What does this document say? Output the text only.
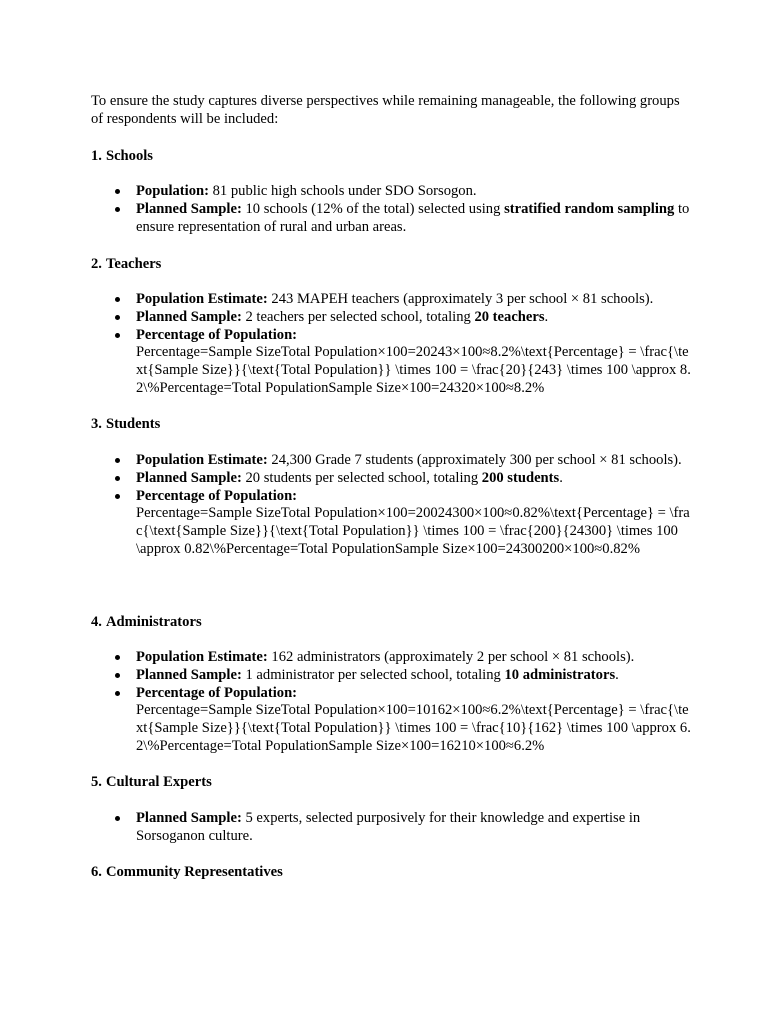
To ensure the study captures diverse perspectives while remaining manageable, the following groups of respondents will be included:

1. Schools

Population: 81 public high schools under SDO Sorsogon.
Planned Sample: 10 schools (12% of the total) selected using stratified random sampling to ensure representation of rural and urban areas.

2. Teachers

Population Estimate: 243 MAPEH teachers (approximately 3 per school × 81 schools).
Planned Sample: 2 teachers per selected school, totaling 20 teachers.
Percentage of Population:
Percentage=Sample SizeTotal Population×100=20243×100≈8.2%\text{Percentage} = \frac{\text{Sample Size}}{\text{Total Population}} \times 100 = \frac{20}{243} \times 100 \approx 8.2\%Percentage=Total PopulationSample Size×100=24320×100≈8.2%

3. Students

Population Estimate: 24,300 Grade 7 students (approximately 300 per school × 81 schools).
Planned Sample: 20 students per selected school, totaling 200 students.
Percentage of Population:
Percentage=Sample SizeTotal Population×100=20024300×100≈0.82%\text{Percentage} = \frac{\text{Sample Size}}{\text{Total Population}} \times 100 = \frac{200}{24300} \times 100 \approx 0.82\%Percentage=Total PopulationSample Size×100=24300200×100≈0.82%

4. Administrators

Population Estimate: 162 administrators (approximately 2 per school × 81 schools).
Planned Sample: 1 administrator per selected school, totaling 10 administrators.
Percentage of Population:
Percentage=Sample SizeTotal Population×100=10162×100≈6.2%\text{Percentage} = \frac{\text{Sample Size}}{\text{Total Population}} \times 100 = \frac{10}{162} \times 100 \approx 6.2\%Percentage=Total PopulationSample Size×100=16210×100≈6.2%

5. Cultural Experts

Planned Sample: 5 experts, selected purposively for their knowledge and expertise in Sorsoganon culture.

6. Community Representatives
